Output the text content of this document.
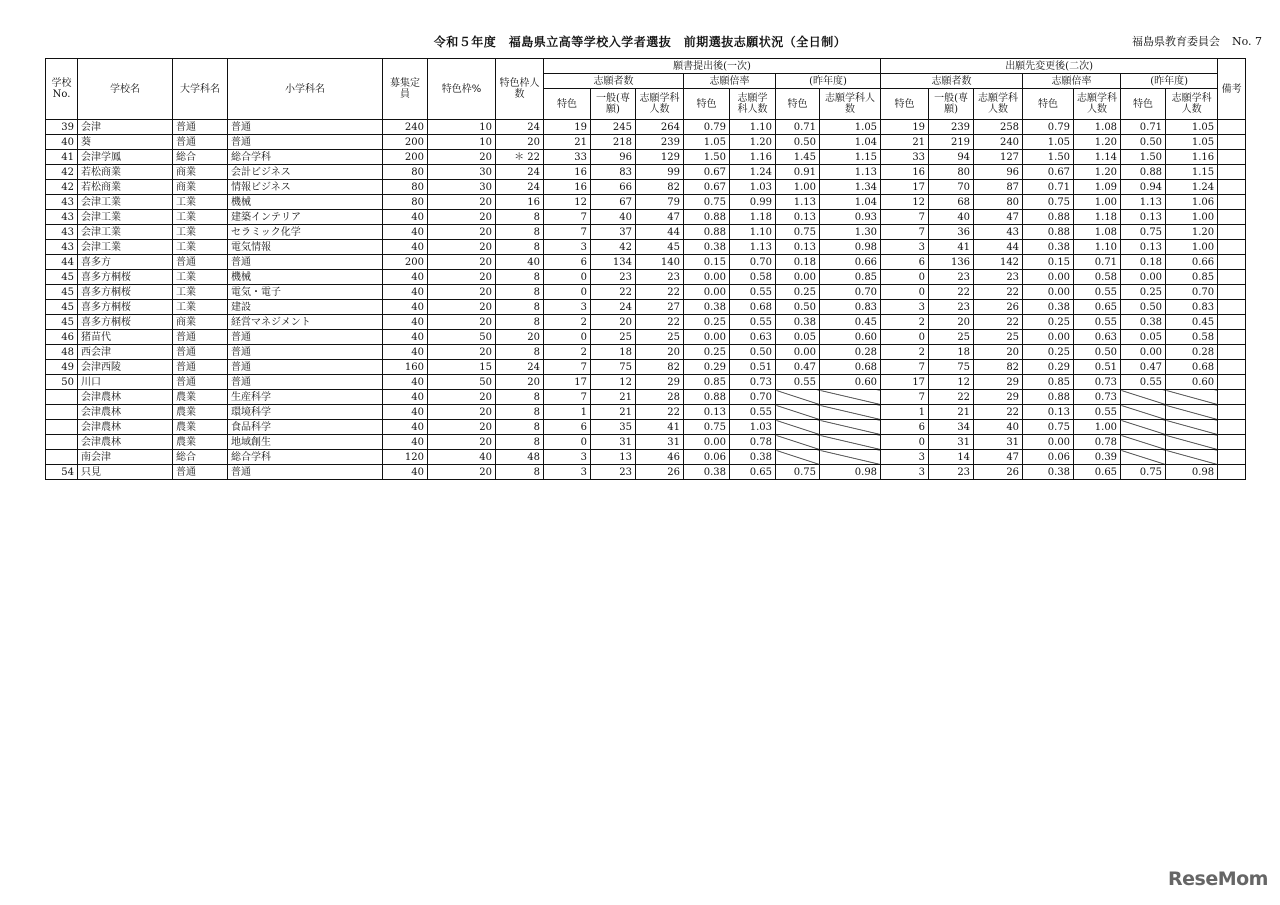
令和５年度　福島県立高等学校入学者選抜　前期選抜志願状況（全日制）	福島県教育委員会 No. 7
学校No.	学校名	大学科名	小学科名	募集定員	特色枠%	特色枠人数	願書提出後(一次)							出願先変更後(二次)							備考
							志願者数			志願倍率		(昨年度)		志願者数			志願倍率		(昨年度)		
							特色	一般(専願)	志願学科人数	特色	志願学科人数	特色	志願学科人数	特色	一般(専願)	志願学科人数	特色	志願学科人数	特色	志願学科人数	
39	会津	普通	普通	240	10	24	19	245	264	0.79	1.10	0.71	1.05	19	239	258	0.79	1.08	0.71	1.05	
40	葵	普通	普通	200	10	20	21	218	239	1.05	1.20	0.50	1.04	21	219	240	1.05	1.20	0.50	1.05	
41	会津学鳳	総合	総合学科	200	20	＊ 22	33	96	129	1.50	1.16	1.45	1.15	33	94	127	1.50	1.14	1.50	1.16	
42	若松商業	商業	会計ビジネス	80	30	24	16	83	99	0.67	1.24	0.91	1.13	16	80	96	0.67	1.20	0.88	1.15	
42	若松商業	商業	情報ビジネス	80	30	24	16	66	82	0.67	1.03	1.00	1.34	17	70	87	0.71	1.09	0.94	1.24	
43	会津工業	工業	機械	80	20	16	12	67	79	0.75	0.99	1.13	1.04	12	68	80	0.75	1.00	1.13	1.06	
43	会津工業	工業	建築インテリア	40	20	8	7	40	47	0.88	1.18	0.13	0.93	7	40	47	0.88	1.18	0.13	1.00	
43	会津工業	工業	セラミック化学	40	20	8	7	37	44	0.88	1.10	0.75	1.30	7	36	43	0.88	1.08	0.75	1.20	
43	会津工業	工業	電気情報	40	20	8	3	42	45	0.38	1.13	0.13	0.98	3	41	44	0.38	1.10	0.13	1.00	
44	喜多方	普通	普通	200	20	40	6	134	140	0.15	0.70	0.18	0.66	6	136	142	0.15	0.71	0.18	0.66	
45	喜多方桐桜	工業	機械	40	20	8	0	23	23	0.00	0.58	0.00	0.85	0	23	23	0.00	0.58	0.00	0.85	
45	喜多方桐桜	工業	電気・電子	40	20	8	0	22	22	0.00	0.55	0.25	0.70	0	22	22	0.00	0.55	0.25	0.70	
45	喜多方桐桜	工業	建設	40	20	8	3	24	27	0.38	0.68	0.50	0.83	3	23	26	0.38	0.65	0.50	0.83	
45	喜多方桐桜	商業	経営マネジメント	40	20	8	2	20	22	0.25	0.55	0.38	0.45	2	20	22	0.25	0.55	0.38	0.45	
46	猪苗代	普通	普通	40	50	20	0	25	25	0.00	0.63	0.05	0.60	0	25	25	0.00	0.63	0.05	0.58	
48	西会津	普通	普通	40	20	8	2	18	20	0.25	0.50	0.00	0.28	2	18	20	0.25	0.50	0.00	0.28	
49	会津西陵	普通	普通	160	15	24	7	75	82	0.29	0.51	0.47	0.68	7	75	82	0.29	0.51	0.47	0.68	
50	川口	普通	普通	40	50	20	17	12	29	0.85	0.73	0.55	0.60	17	12	29	0.85	0.73	0.55	0.60	
	会津農林	農業	生産科学	40	20	8	7	21	28	0.88	0.70			7	22	29	0.88	0.73			
	会津農林	農業	環境科学	40	20	8	1	21	22	0.13	0.55			1	21	22	0.13	0.55			
	会津農林	農業	食品科学	40	20	8	6	35	41	0.75	1.03			6	34	40	0.75	1.00			
	会津農林	農業	地域創生	40	20	8	0	31	31	0.00	0.78			0	31	31	0.00	0.78			
	南会津	総合	総合学科	120	40	48	3	13	46	0.06	0.38			3	14	47	0.06	0.39			
54	只見	普通	普通	40	20	8	3	23	26	0.38	0.65	0.75	0.98	3	23	26	0.38	0.65	0.75	0.98	
ReseMom
